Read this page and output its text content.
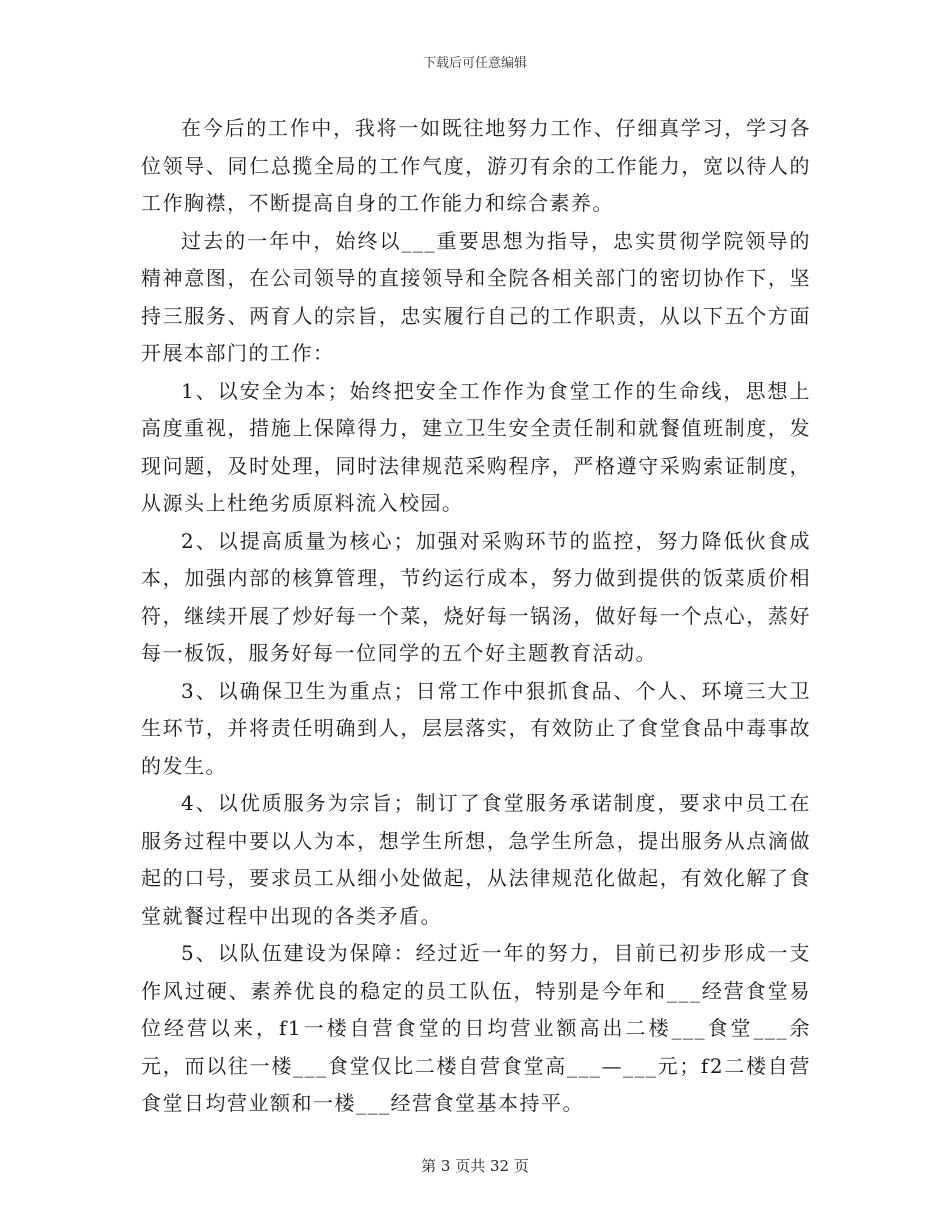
下载后可任意编辑

在今后的工作中，我将一如既往地努力工作、仔细真学习，学习各位领导、同仁总揽全局的工作气度，游刃有余的工作能力，宽以待人的工作胸襟，不断提高自身的工作能力和综合素养。

过去的一年中，始终以___重要思想为指导，忠实贯彻学院领导的精神意图，在公司领导的直接领导和全院各相关部门的密切协作下，坚持三服务、两育人的宗旨，忠实履行自己的工作职责，从以下五个方面开展本部门的工作：

1、以安全为本；始终把安全工作作为食堂工作的生命线，思想上高度重视，措施上保障得力，建立卫生安全责任制和就餐值班制度，发现问题，及时处理，同时法律规范采购程序，严格遵守采购索证制度，从源头上杜绝劣质原料流入校园。

2、以提高质量为核心；加强对采购环节的监控，努力降低伙食成本，加强内部的核算管理，节约运行成本，努力做到提供的饭菜质价相符，继续开展了炒好每一个菜，烧好每一锅汤，做好每一个点心，蒸好每一板饭，服务好每一位同学的五个好主题教育活动。

3、以确保卫生为重点；日常工作中狠抓食品、个人、环境三大卫生环节，并将责任明确到人，层层落实，有效防止了食堂食品中毒事故的发生。

4、以优质服务为宗旨；制订了食堂服务承诺制度，要求中员工在服务过程中要以人为本，想学生所想，急学生所急，提出服务从点滴做起的口号，要求员工从细小处做起，从法律规范化做起，有效化解了食堂就餐过程中出现的各类矛盾。

5、以队伍建设为保障：经过近一年的努力，目前已初步形成一支作风过硬、素养优良的稳定的员工队伍，特别是今年和___经营食堂易位经营以来，f1一楼自营食堂的日均营业额高出二楼___食堂___余元，而以往一楼___食堂仅比二楼自营食堂高___—___元；f2二楼自营食堂日均营业额和一楼___经营食堂基本持平。

第 3 页共 32 页
